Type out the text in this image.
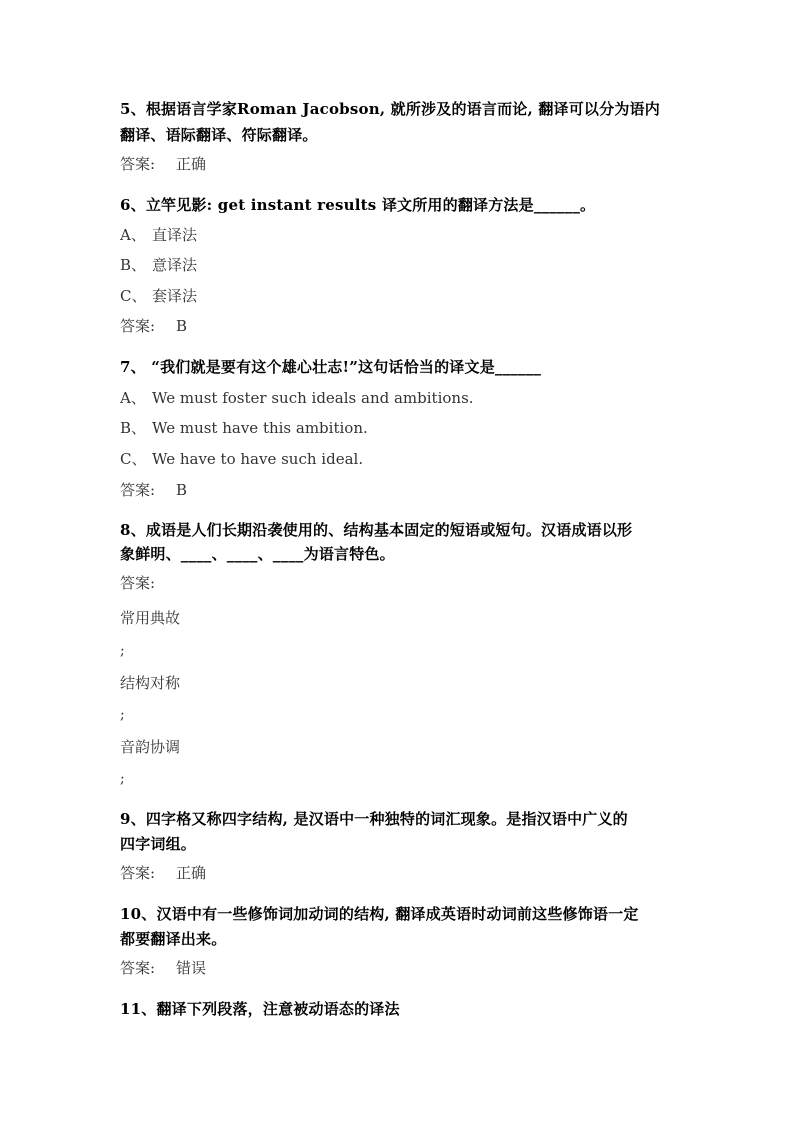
5、根据语言学家Roman Jacobson, 就所涉及的语言而论, 翻译可以分为语内
翻译、语际翻译、符际翻译。
答案: 正确
6、立竿见影: get instant results 译文所用的翻译方法是______。
A、 直译法
B、 意译法
C、 套译法
答案: B
7、 “我们就是要有这个雄心壮志!”这句话恰当的译文是______
A、 We must foster such ideals and ambitions.
B、 We must have this ambition.
C、 We have to have such ideal.
答案: B
8、成语是人们长期沿袭使用的、结构基本固定的短语或短句。汉语成语以形
象鲜明、____、____、____为语言特色。
答案:
常用典故
;
结构对称
;
音韵协调
;
9、四字格又称四字结构, 是汉语中一种独特的词汇现象。是指汉语中广义的
四字词组。
答案: 正确
10、汉语中有一些修饰词加动词的结构, 翻译成英语时动词前这些修饰语一定
都要翻译出来。
答案: 错误
11、翻译下列段落，注意被动语态的译法
